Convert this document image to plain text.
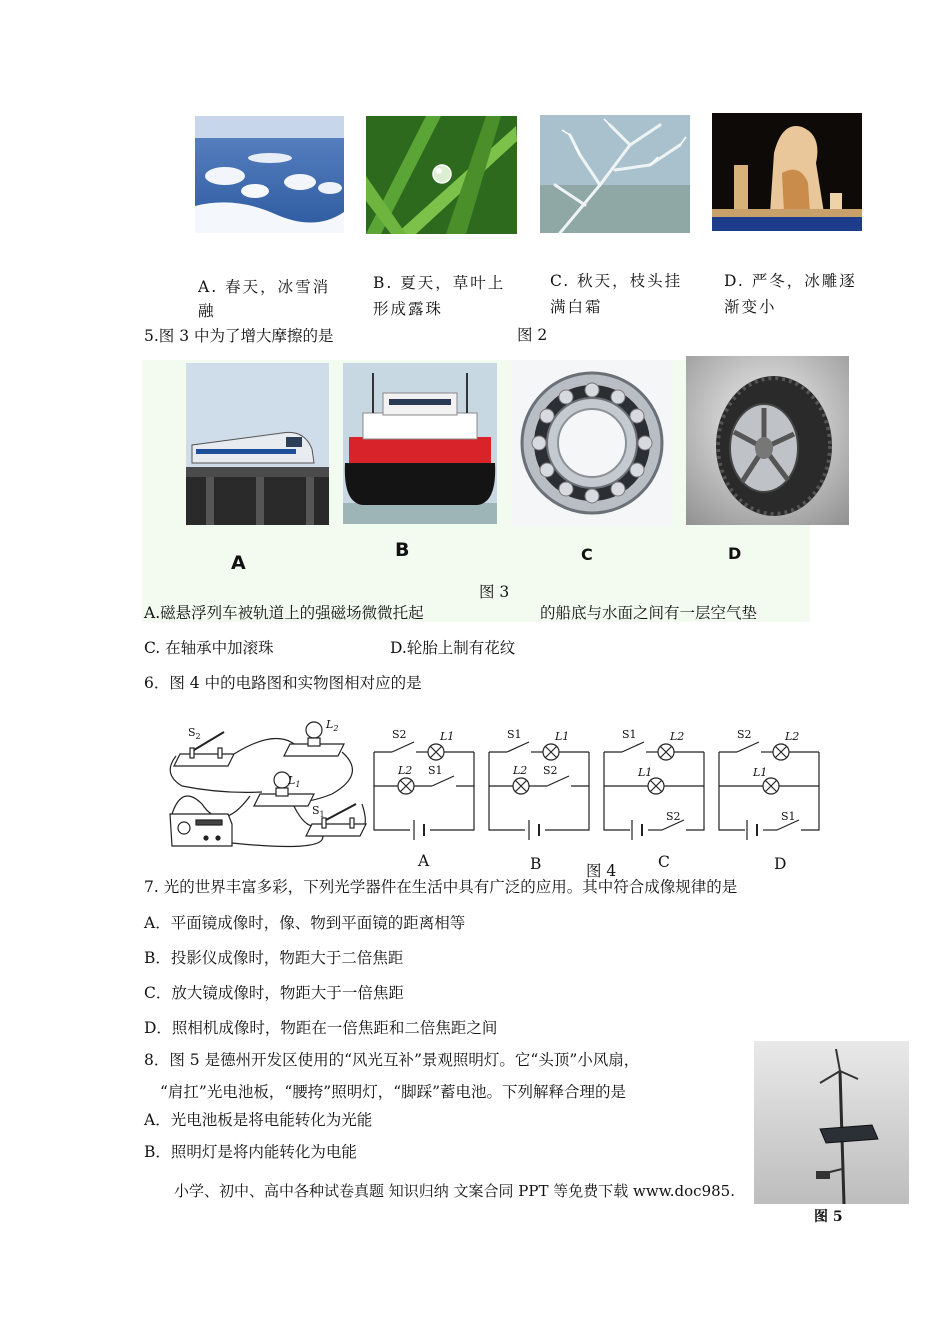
A. 春天，冰雪消融
B. 夏天，草叶上形成露珠
C. 秋天，枝头挂满白霜
D. 严冬，冰雕逐渐变小
5.图 3 中为了增大摩擦的是	图 2
A
B	C	D
图 3
A.磁悬浮列车被轨道上的强磁场微微托起	的船底与水面之间有一层空气垫
C. 在轴承中加滚珠	D.轮胎上制有花纹
6．图 4 中的电路图和实物图相对应的是
$S_2$
$L_2$
$L_1$
$S_1$
S2	L1
L2 S1
S1	L1
L2 S2
S1	L2
L1
S2
S2	L2
L1
S1
A	B	图 4	C	D
7. 光的世界丰富多彩，下列光学器件在生活中具有广泛的应用。其中符合成像规律的是
A．平面镜成像时，像、物到平面镜的距离相等
B．投影仪成像时，物距大于二倍焦距
C．放大镜成像时，物距大于一倍焦距
D．照相机成像时，物距在一倍焦距和二倍焦距之间
8．图 5 是德州开发区使用的“风光互补”景观照明灯。它“头顶”小风扇，
“肩扛”光电池板，“腰挎”照明灯，“脚踩”蓄电池。下列解释合理的是
A．光电池板是将电能转化为光能
B．照明灯是将内能转化为电能
图 5
小学、初中、高中各种试卷真题 知识归纳 文案合同 PPT 等免费下载 www.doc985.
